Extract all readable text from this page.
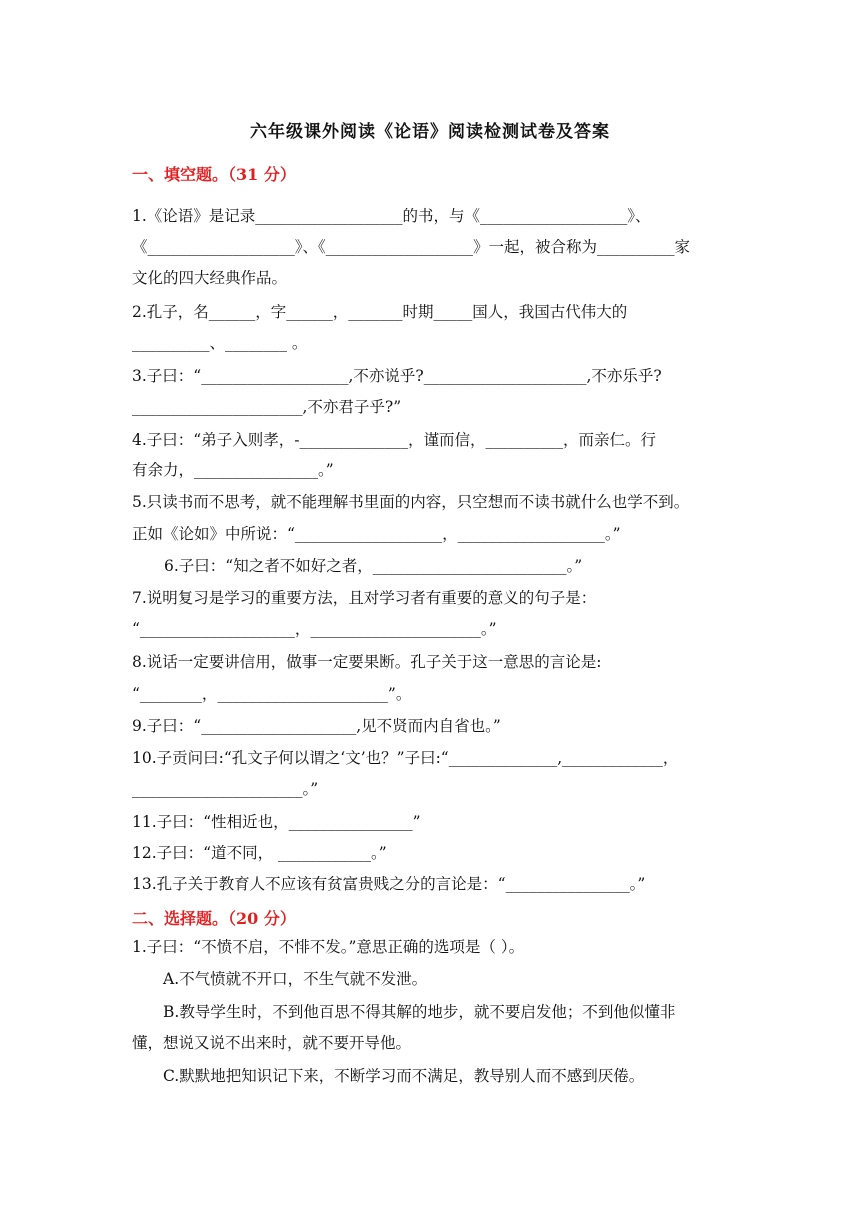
六年级课外阅读《论语》阅读检测试卷及答案
一、填空题。（31 分）
1.《论语》是记录___________________的书，与《___________________》、
《___________________》、《___________________》一起，被合称为__________家
文化的四大经典作品。
2.孔子，名______，字______，_______时期_____国人，我国古代伟大的
__________、________ 。
3.子曰：“___________________,不亦说乎?_____________________,不亦乐乎?
______________________,不亦君子乎?”
4.子曰：“弟子入则孝，-______________，谨而信，__________，而亲仁。行
有余力，________________。”
5.只读书而不思考，就不能理解书里面的内容，只空想而不读书就什么也学不到。
正如《论如》中所说：“___________________，___________________。”
6.子曰：“知之者不如好之者，_________________________。”
7.说明复习是学习的重要方法，且对学习者有重要的意义的句子是：
“____________________，______________________。”
8.说话一定要讲信用，做事一定要果断。孔子关于这一意思的言论是:
“________，______________________”。
9.子曰：“____________________,见不贤而内自省也。”
10.子贡问曰:“孔文子何以谓之‘文’也？”子曰:“______________,_____________，
______________________。”
11.子曰：“性相近也，________________”
12.子曰：“道不同， ____________。”
13.孔子关于教育人不应该有贫富贵贱之分的言论是：“________________。”
二、选择题。（20 分）
1.子曰：“不愤不启，不悱不发。”意思正确的选项是（ ）。
A.不气愤就不开口，不生气就不发泄。
B.教导学生时，不到他百思不得其解的地步，就不要启发他；不到他似懂非
懂，想说又说不出来时，就不要开导他。
C.默默地把知识记下来，不断学习而不满足，教导别人而不感到厌倦。
